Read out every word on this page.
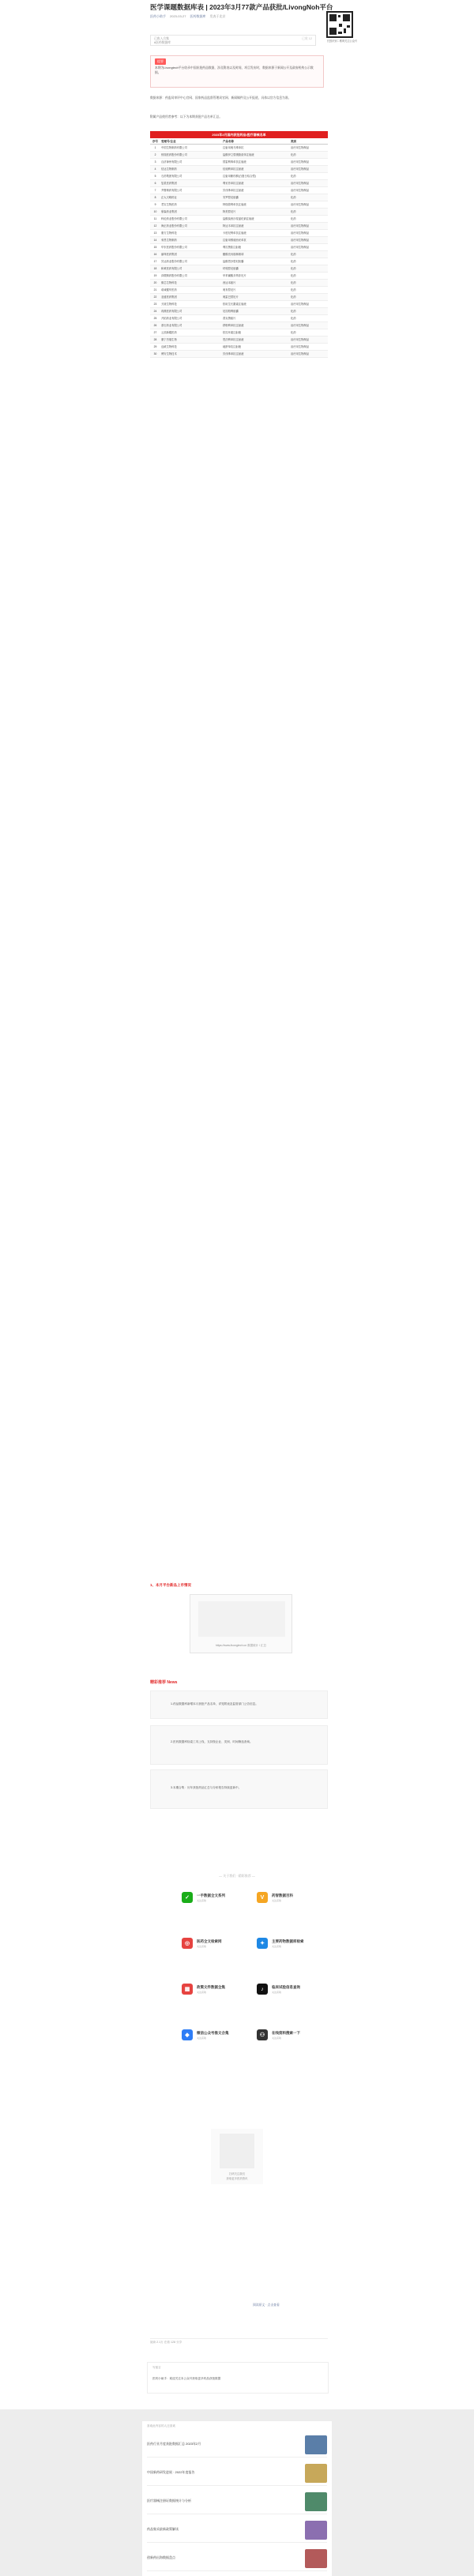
医学课题数据库表 | 2023年3月77款产品获批/LivongNoh平台
医药小助手 2023-03-27 医药数据库 发表于北京
长按识别二维码关注公众号
已收入合集
#医药数据库
已收 12
提要

本期为Livongtech平台收录中国获批药品数据，涉及附表以及时间，项目发布时，数据来源于新闻公开及政府机构公示数据。

数据来源：药监局审评中心官网、国家药品监督管理局官网、新闻稿件及公开报道，具体以官方信息为准。
附属产品使用者参考：以下为本期获批产品名单汇总。
2023年3月国内获批药品/医疗器械名单
序号	受理号/企业	产品名称	类别
1	中国生物制药有限公司	注射用奥马珠单抗	治疗用生物制品
2	恒瑞医药股份有限公司	盐酸伊立替康脂质体注射液	化药
3	百济神州有限公司	替雷利珠单抗注射液	治疗用生物制品
4	信达生物制药	信迪利单抗注射液	治疗用生物制品
5	石药集团有限公司	注射用紫杉醇(白蛋白结合型)	化药
6	复星医药集团	利妥昔单抗注射液	治疗用生物制品
7	齐鲁制药有限公司	贝伐珠单抗注射液	治疗用生物制品
8	正大天晴药业	安罗替尼胶囊	化药
9	君实生物医药	特瑞普利单抗注射液	治疗用生物制品
10	豪森药业集团	阿美替尼片	化药
11	科伦药业股份有限公司	盐酸莫西沙星氯化钠注射液	化药
12	海正药业股份有限公司	阿达木单抗注射液	治疗用生物制品
13	康方生物科技	卡度尼利单抗注射液	治疗用生物制品
14	荣昌生物制药	注射用维迪西妥单抗	治疗用生物制品
15	华东医药股份有限公司	利拉鲁肽注射液	治疗用生物制品
16	丽珠医药集团	醋酸亮丙瑞林微球	化药
17	贝达药业股份有限公司	盐酸恩沙替尼胶囊	化药
18	和黄医药有限公司	呋喹替尼胶囊	化药
19	泽璟制药股份有限公司	甲苯磺酸多纳非尼片	化药
20	微芯生物科技	西达本胺片	化药
21	诺诚健华医药	奥布替尼片	化药
22	亚盛医药集团	奥雷巴替尼片	化药
23	天境生物科技	依坦生长激素注射液	治疗用生物制品
24	再鼎医药有限公司	尼拉帕利胶囊	化药
25	开拓药业有限公司	普克鲁胺片	化药
26	基石药业有限公司	舒格利单抗注射液	治疗用生物制品
27	云顶新耀医药	依拉环素注射液	化药
28	康宁杰瑞生物	恩沃利单抗注射液	治疗用生物制品
29	迈威生物科技	地舒单抗注射液	治疗用生物制品
30	博安生物技术	贝伐珠单抗注射液	治疗用生物制品
1、本月平台新品上市情况
https://www.livongtech.cn 数据统计 / 汇总
精彩推荐 News
1.药品数据库新增本月获批产品名单，详见附表及监管部门公告信息。
2.医药数据库检索工具上线，支持按企业、类别、时间筛选查询。
3.本期合集：历年获批药品汇总与分析报告持续更新中。
— 关于我们 · 精彩推荐 —
✓	一手数据全文系列
关注获取	V	药智数据百科
关注获取
◎	医药全文检索网
关注获取	✦	主要药物数据库检索
关注获取
▦	政策文件数据全集
关注获取	♪	临床试验信息查询
关注获取
◆	微信公众号推文合集
关注获取	⚇	在线资料搜索一下
关注获取

扫码关注我们

获取更多医药资讯

阅读原文 · 点击查看
阅读 2.1万 在看 128 分享
写留言
医药小助手：欢迎关注本公众号获取更多药品获批数据
喜欢此内容的人还喜欢
医药行业月度获批数据汇总 2023年2月
中国新药研发进展 · 2022年度报告
医疗器械注册证数据统计与分析
药品集采最新政策解读
创新药出海数据盘点
